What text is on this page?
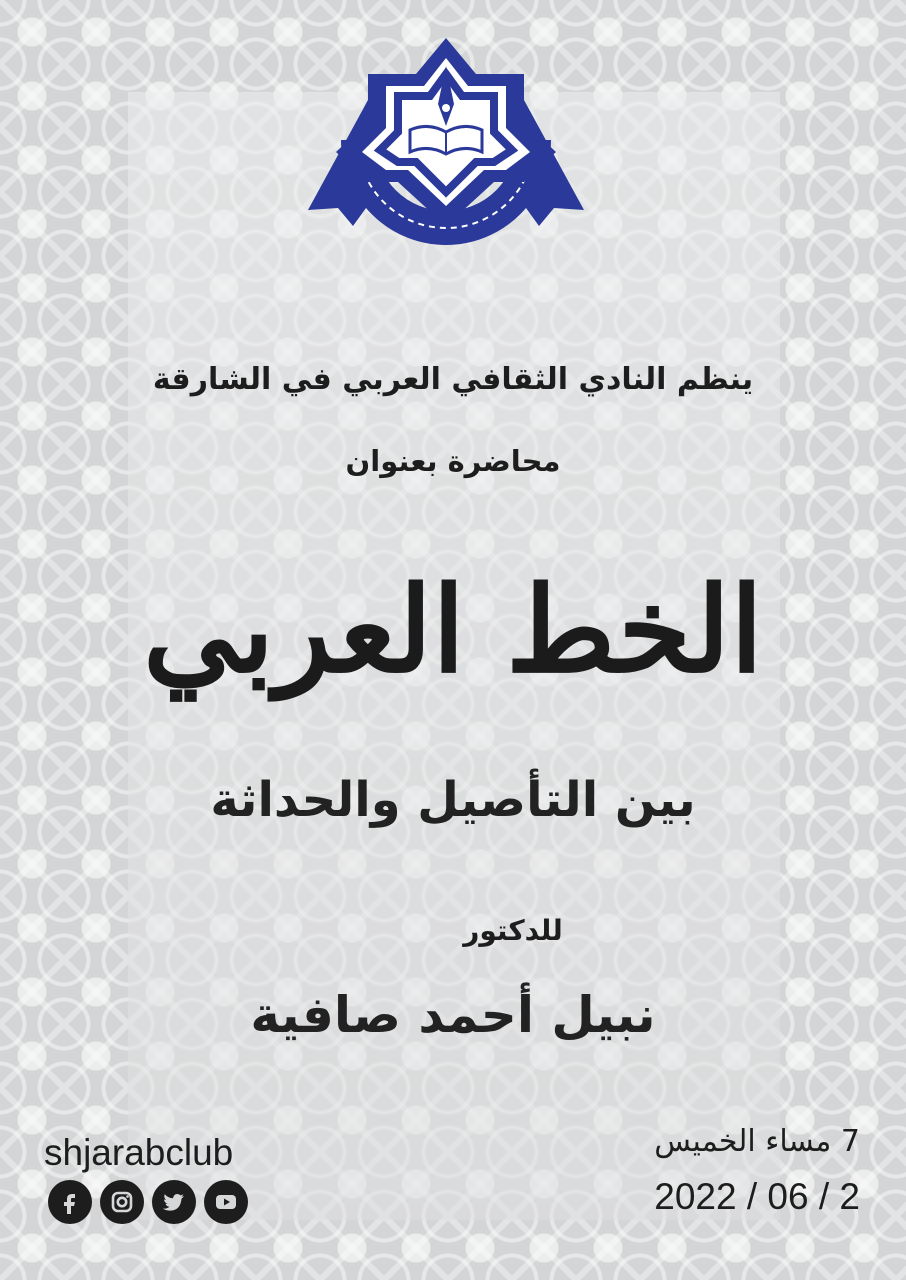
ينظم النادي الثقافي العربي في الشارقة
محاضرة بعنوان
الخط العربي
بين التأصيل والحداثة
للدكتور
نبيل أحمد صافية
shjarabclub	7 مساء الخميس
2022 / 06 / 2
